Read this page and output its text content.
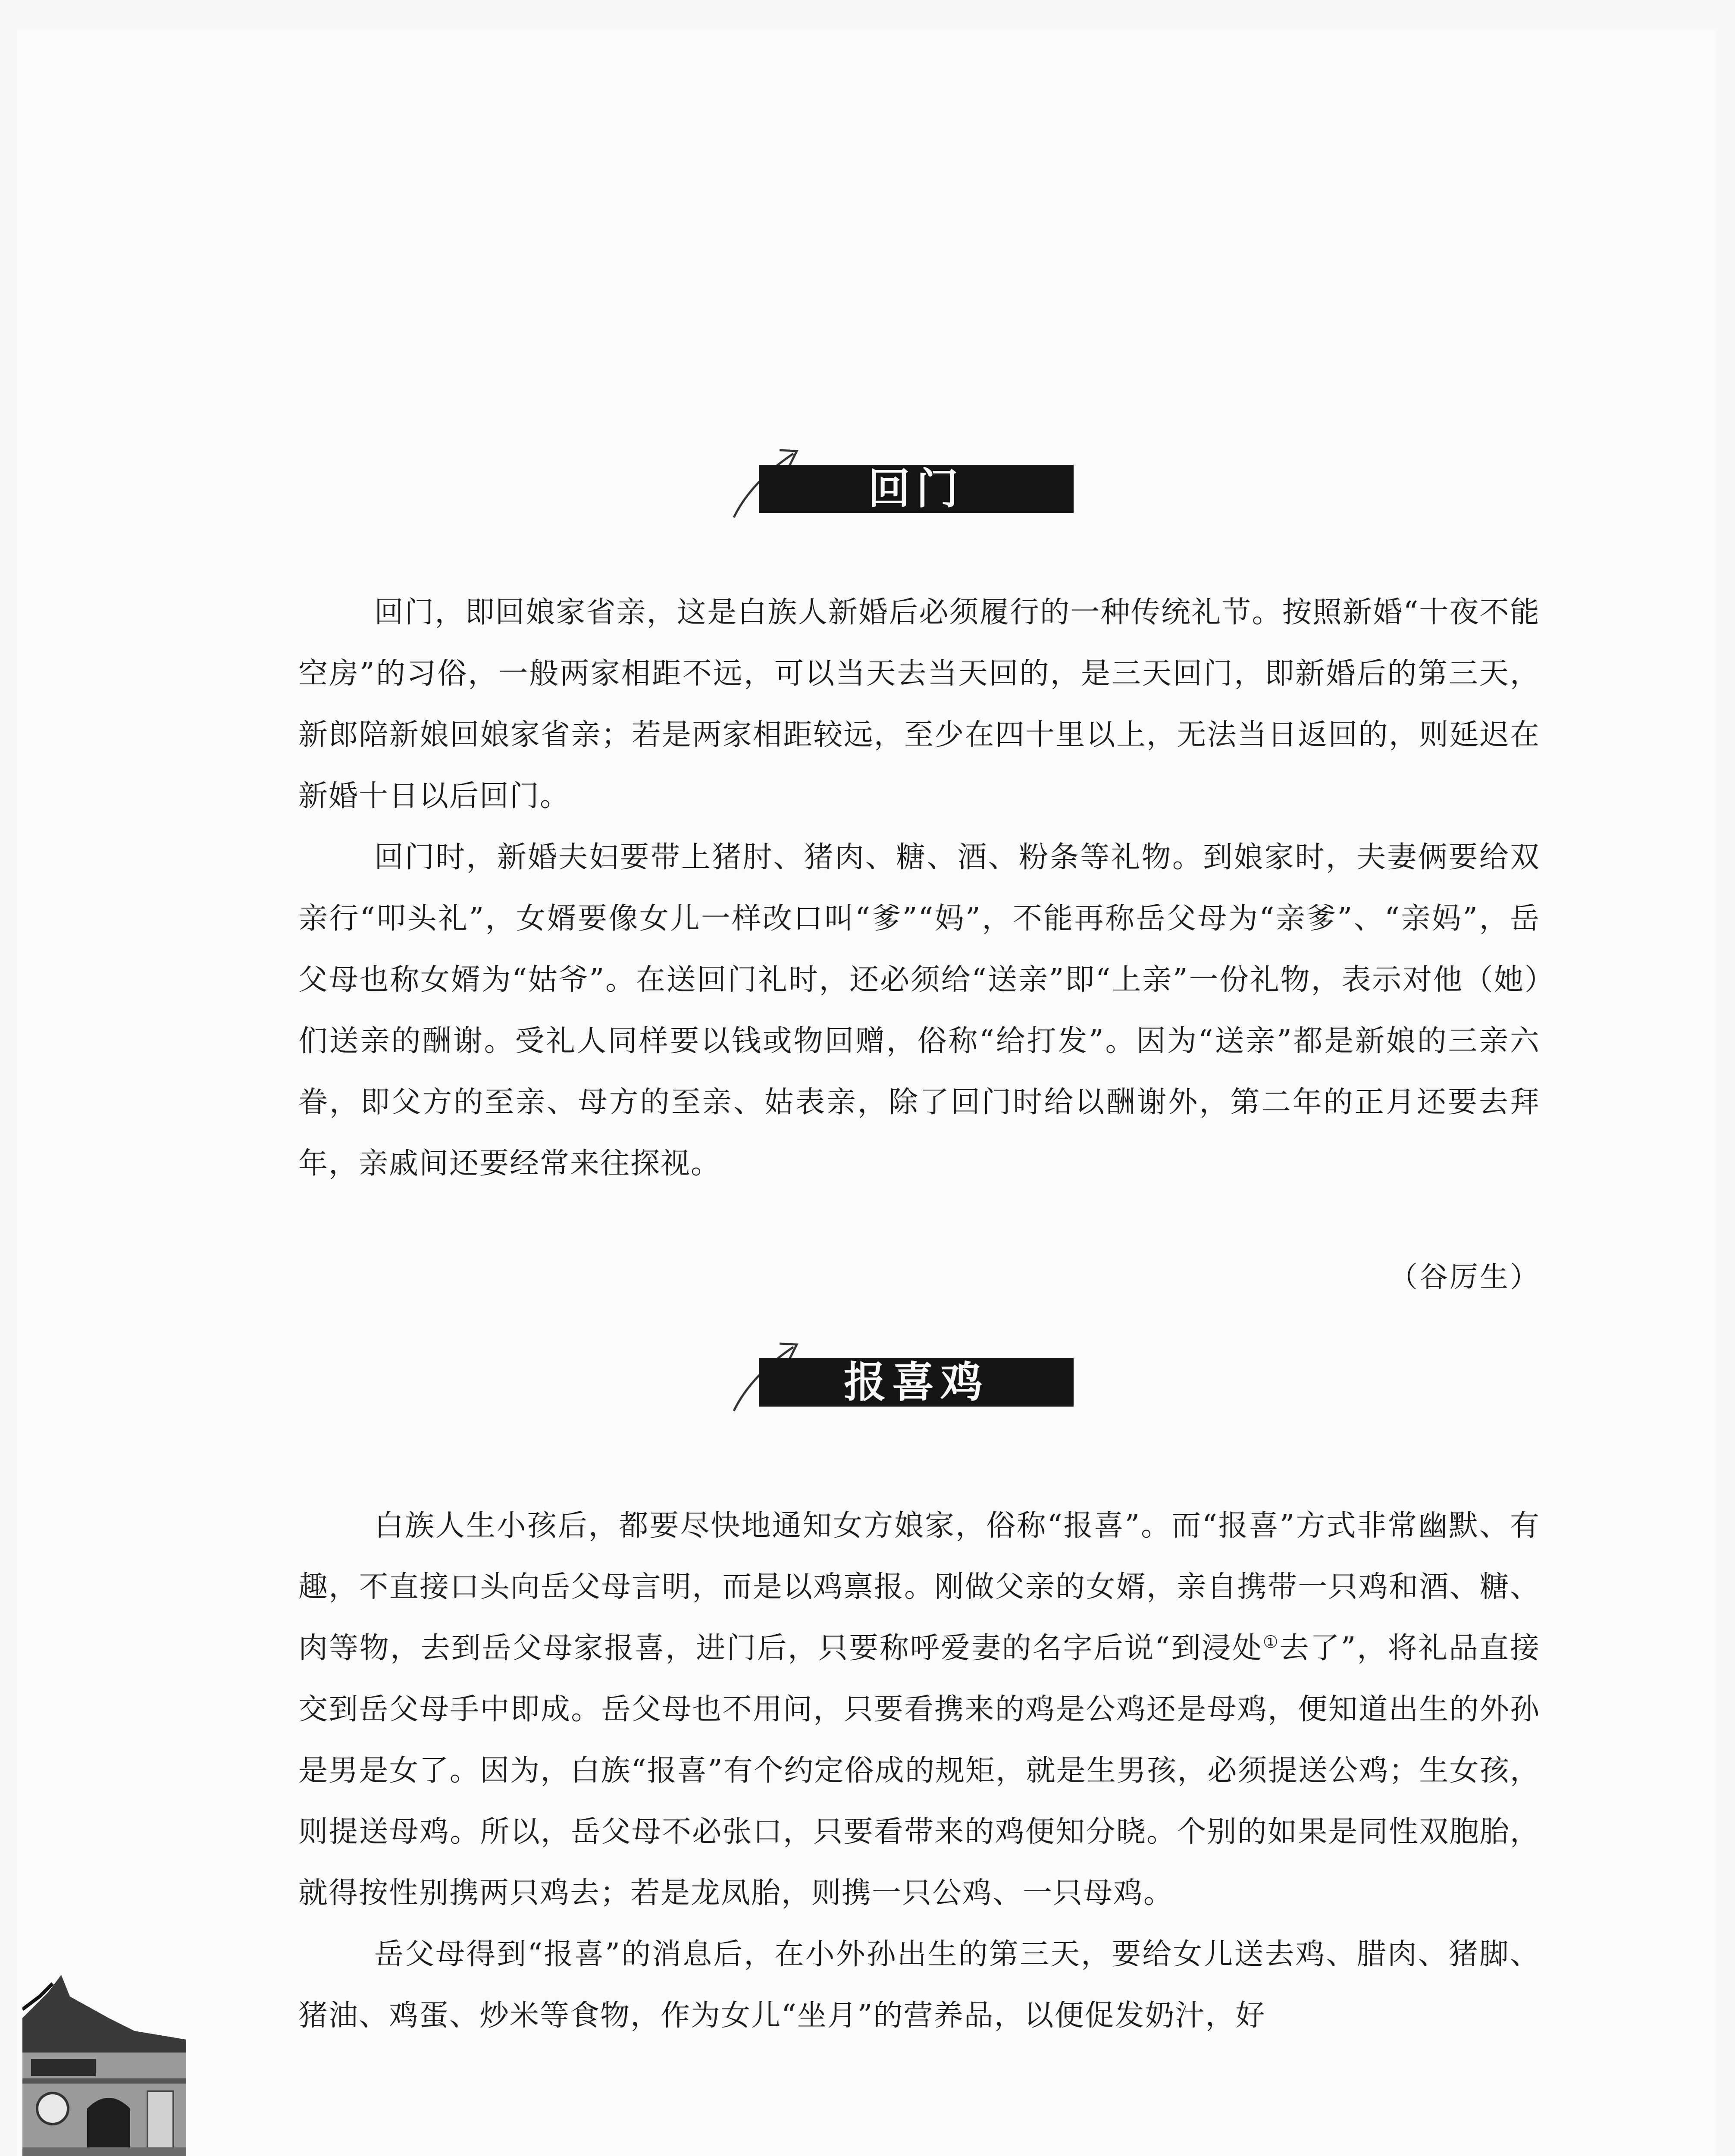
回门

回门，即回娘家省亲，这是白族人新婚后必须履行的一种传统礼节。按照新婚“十夜不能空房”的习俗，一般两家相距不远，可以当天去当天回的，是三天回门，即新婚后的第三天，新郎陪新娘回娘家省亲；若是两家相距较远，至少在四十里以上，无法当日返回的，则延迟在新婚十日以后回门。

回门时，新婚夫妇要带上猪肘、猪肉、糖、酒、粉条等礼物。到娘家时，夫妻俩要给双亲行“叩头礼”，女婿要像女儿一样改口叫“爹”“妈”，不能再称岳父母为“亲爹”、“亲妈”，岳父母也称女婿为“姑爷”。在送回门礼时，还必须给“送亲”即“上亲”一份礼物，表示对他（她）们送亲的酬谢。受礼人同样要以钱或物回赠，俗称“给打发”。因为“送亲”都是新娘的三亲六眷，即父方的至亲、母方的至亲、姑表亲，除了回门时给以酬谢外，第二年的正月还要去拜年，亲戚间还要经常来往探视。

（谷厉生）
报喜鸡

白族人生小孩后，都要尽快地通知女方娘家，俗称“报喜”。而“报喜”方式非常幽默、有趣，不直接口头向岳父母言明，而是以鸡禀报。刚做父亲的女婿，亲自携带一只鸡和酒、糖、肉等物，去到岳父母家报喜，进门后，只要称呼爱妻的名字后说“到浸处①去了”，将礼品直接交到岳父母手中即成。岳父母也不用问，只要看携来的鸡是公鸡还是母鸡，便知道出生的外孙是男是女了。因为，白族“报喜”有个约定俗成的规矩，就是生男孩，必须提送公鸡；生女孩，则提送母鸡。所以，岳父母不必张口，只要看带来的鸡便知分晓。个别的如果是同性双胞胎，就得按性别携两只鸡去；若是龙凤胎，则携一只公鸡、一只母鸡。

岳父母得到“报喜”的消息后，在小外孙出生的第三天，要给女儿送去鸡、腊肉、猪脚、猪油、鸡蛋、炒米等食物，作为女儿“坐月”的营养品，以便促发奶汁，好
